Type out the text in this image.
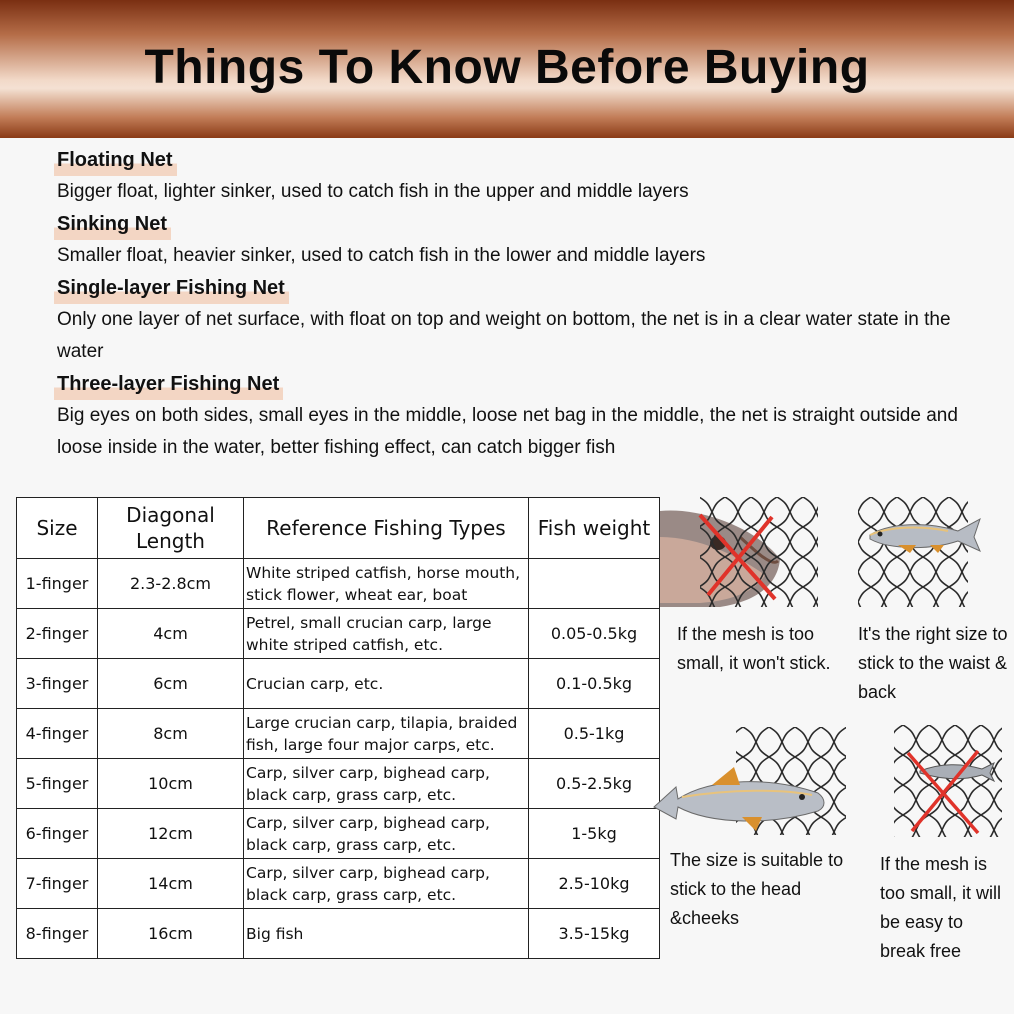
Things To Know Before Buying
Floating Net
Bigger float, lighter sinker, used to catch fish in the upper and middle layers
Sinking Net
Smaller float, heavier sinker, used to catch fish in the lower and middle layers
Single-layer Fishing Net
Only one layer of net surface, with float on top and weight on bottom, the net is in a clear water state in the water
Three-layer Fishing Net
Big eyes on both sides, small eyes in the middle, loose net bag in the middle, the net is straight outside and loose inside in the water, better fishing effect, can catch bigger fish
Size	Diagonal Length	Reference Fishing Types	Fish weight
1-finger	2.3-2.8cm	White striped catfish, horse mouth, stick flower, wheat ear, boat	
2-finger	4cm	Petrel, small crucian carp, large white striped catfish, etc.	0.05-0.5kg
3-finger	6cm	Crucian carp, etc.	0.1-0.5kg
4-finger	8cm	Large crucian carp, tilapia, braided fish, large four major carps, etc.	0.5-1kg
5-finger	10cm	Carp, silver carp, bighead carp, black carp, grass carp, etc.	0.5-2.5kg
6-finger	12cm	Carp, silver carp, bighead carp, black carp, grass carp, etc.	1-5kg
7-finger	14cm	Carp, silver carp, bighead carp, black carp, grass carp, etc.	2.5-10kg
8-finger	16cm	Big fish	3.5-15kg
If the mesh is too small, it won't stick.
It's the right size to stick to the waist & back
The size is suitable to stick to the head &cheeks
If the mesh is too small, it will be easy to break free
